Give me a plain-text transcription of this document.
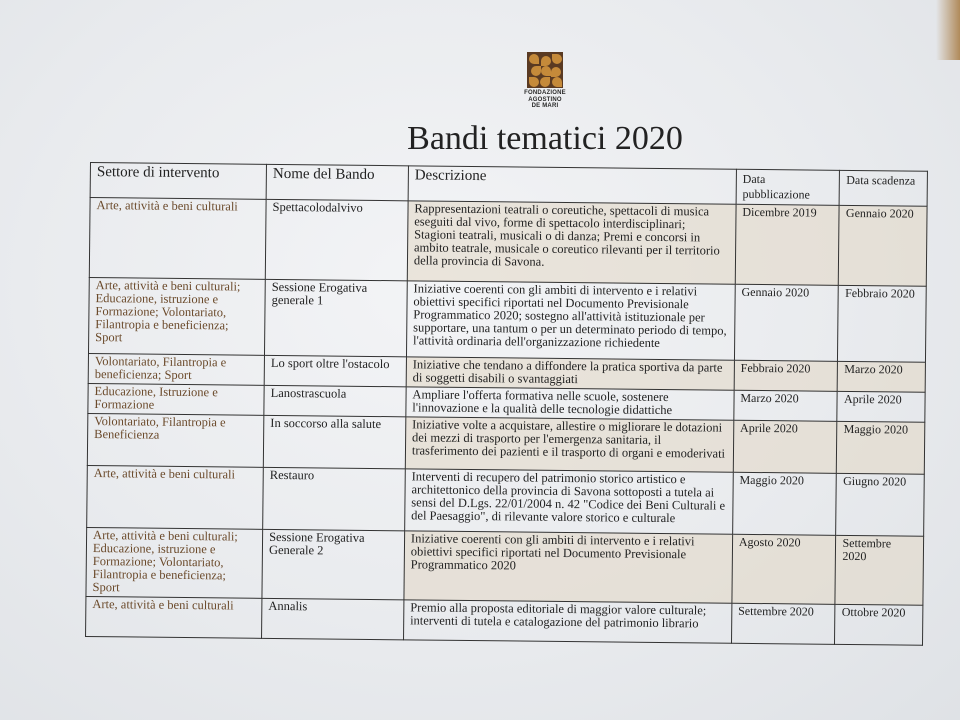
FONDAZIONE
AGOSTINO
DE MARI
Bandi tematici 2020
Settore di intervento	Nome del Bando	Descrizione	Data pubblicazione	Data scadenza
Arte, attività e beni culturali	Spettacolodalvivo	Rappresentazioni teatrali o coreutiche, spettacoli di musica eseguiti dal vivo, forme di spettacolo interdisciplinari; Stagioni teatrali, musicali o di danza; Premi e concorsi in ambito teatrale, musicale o coreutico rilevanti per il territorio della provincia di Savona.	Dicembre 2019	Gennaio 2020
Arte, attività e beni culturali; Educazione, istruzione e Formazione; Volontariato, Filantropia e beneficienza; Sport	Sessione Erogativa generale 1	Iniziative coerenti con gli ambiti di intervento e i relativi obiettivi specifici riportati nel Documento Previsionale Programmatico 2020; sostegno all'attività istituzionale per supportare, una tantum o per un determinato periodo di tempo, l'attività ordinaria dell'organizzazione richiedente	Gennaio 2020	Febbraio 2020
Volontariato, Filantropia e beneficienza; Sport	Lo sport oltre l'ostacolo	Iniziative che tendano a diffondere la pratica sportiva da parte di soggetti disabili o svantaggiati	Febbraio 2020	Marzo 2020
Educazione, Istruzione e Formazione	Lanostrascuola	Ampliare l'offerta formativa nelle scuole, sostenere l'innovazione e la qualità delle tecnologie didattiche	Marzo 2020	Aprile 2020
Volontariato, Filantropia e Beneficienza	In soccorso alla salute	Iniziative volte a acquistare, allestire o migliorare le dotazioni dei mezzi di trasporto per l'emergenza sanitaria, il trasferimento dei pazienti e il trasporto di organi e emoderivati	Aprile 2020	Maggio 2020
Arte, attività e beni culturali	Restauro	Interventi di recupero del patrimonio storico artistico e architettonico della provincia di Savona sottoposti a tutela ai sensi del D.Lgs. 22/01/2004 n. 42 "Codice dei Beni Culturali e del Paesaggio", di rilevante valore storico e culturale	Maggio 2020	Giugno 2020
Arte, attività e beni culturali; Educazione, istruzione e Formazione; Volontariato, Filantropia e beneficienza; Sport	Sessione Erogativa Generale 2	Iniziative coerenti con gli ambiti di intervento e i relativi obiettivi specifici riportati nel Documento Previsionale Programmatico 2020	Agosto 2020	Settembre 2020
Arte, attività e beni culturali	Annalis	Premio alla proposta editoriale di maggior valore culturale; interventi di tutela e catalogazione del patrimonio librario	Settembre 2020	Ottobre 2020
